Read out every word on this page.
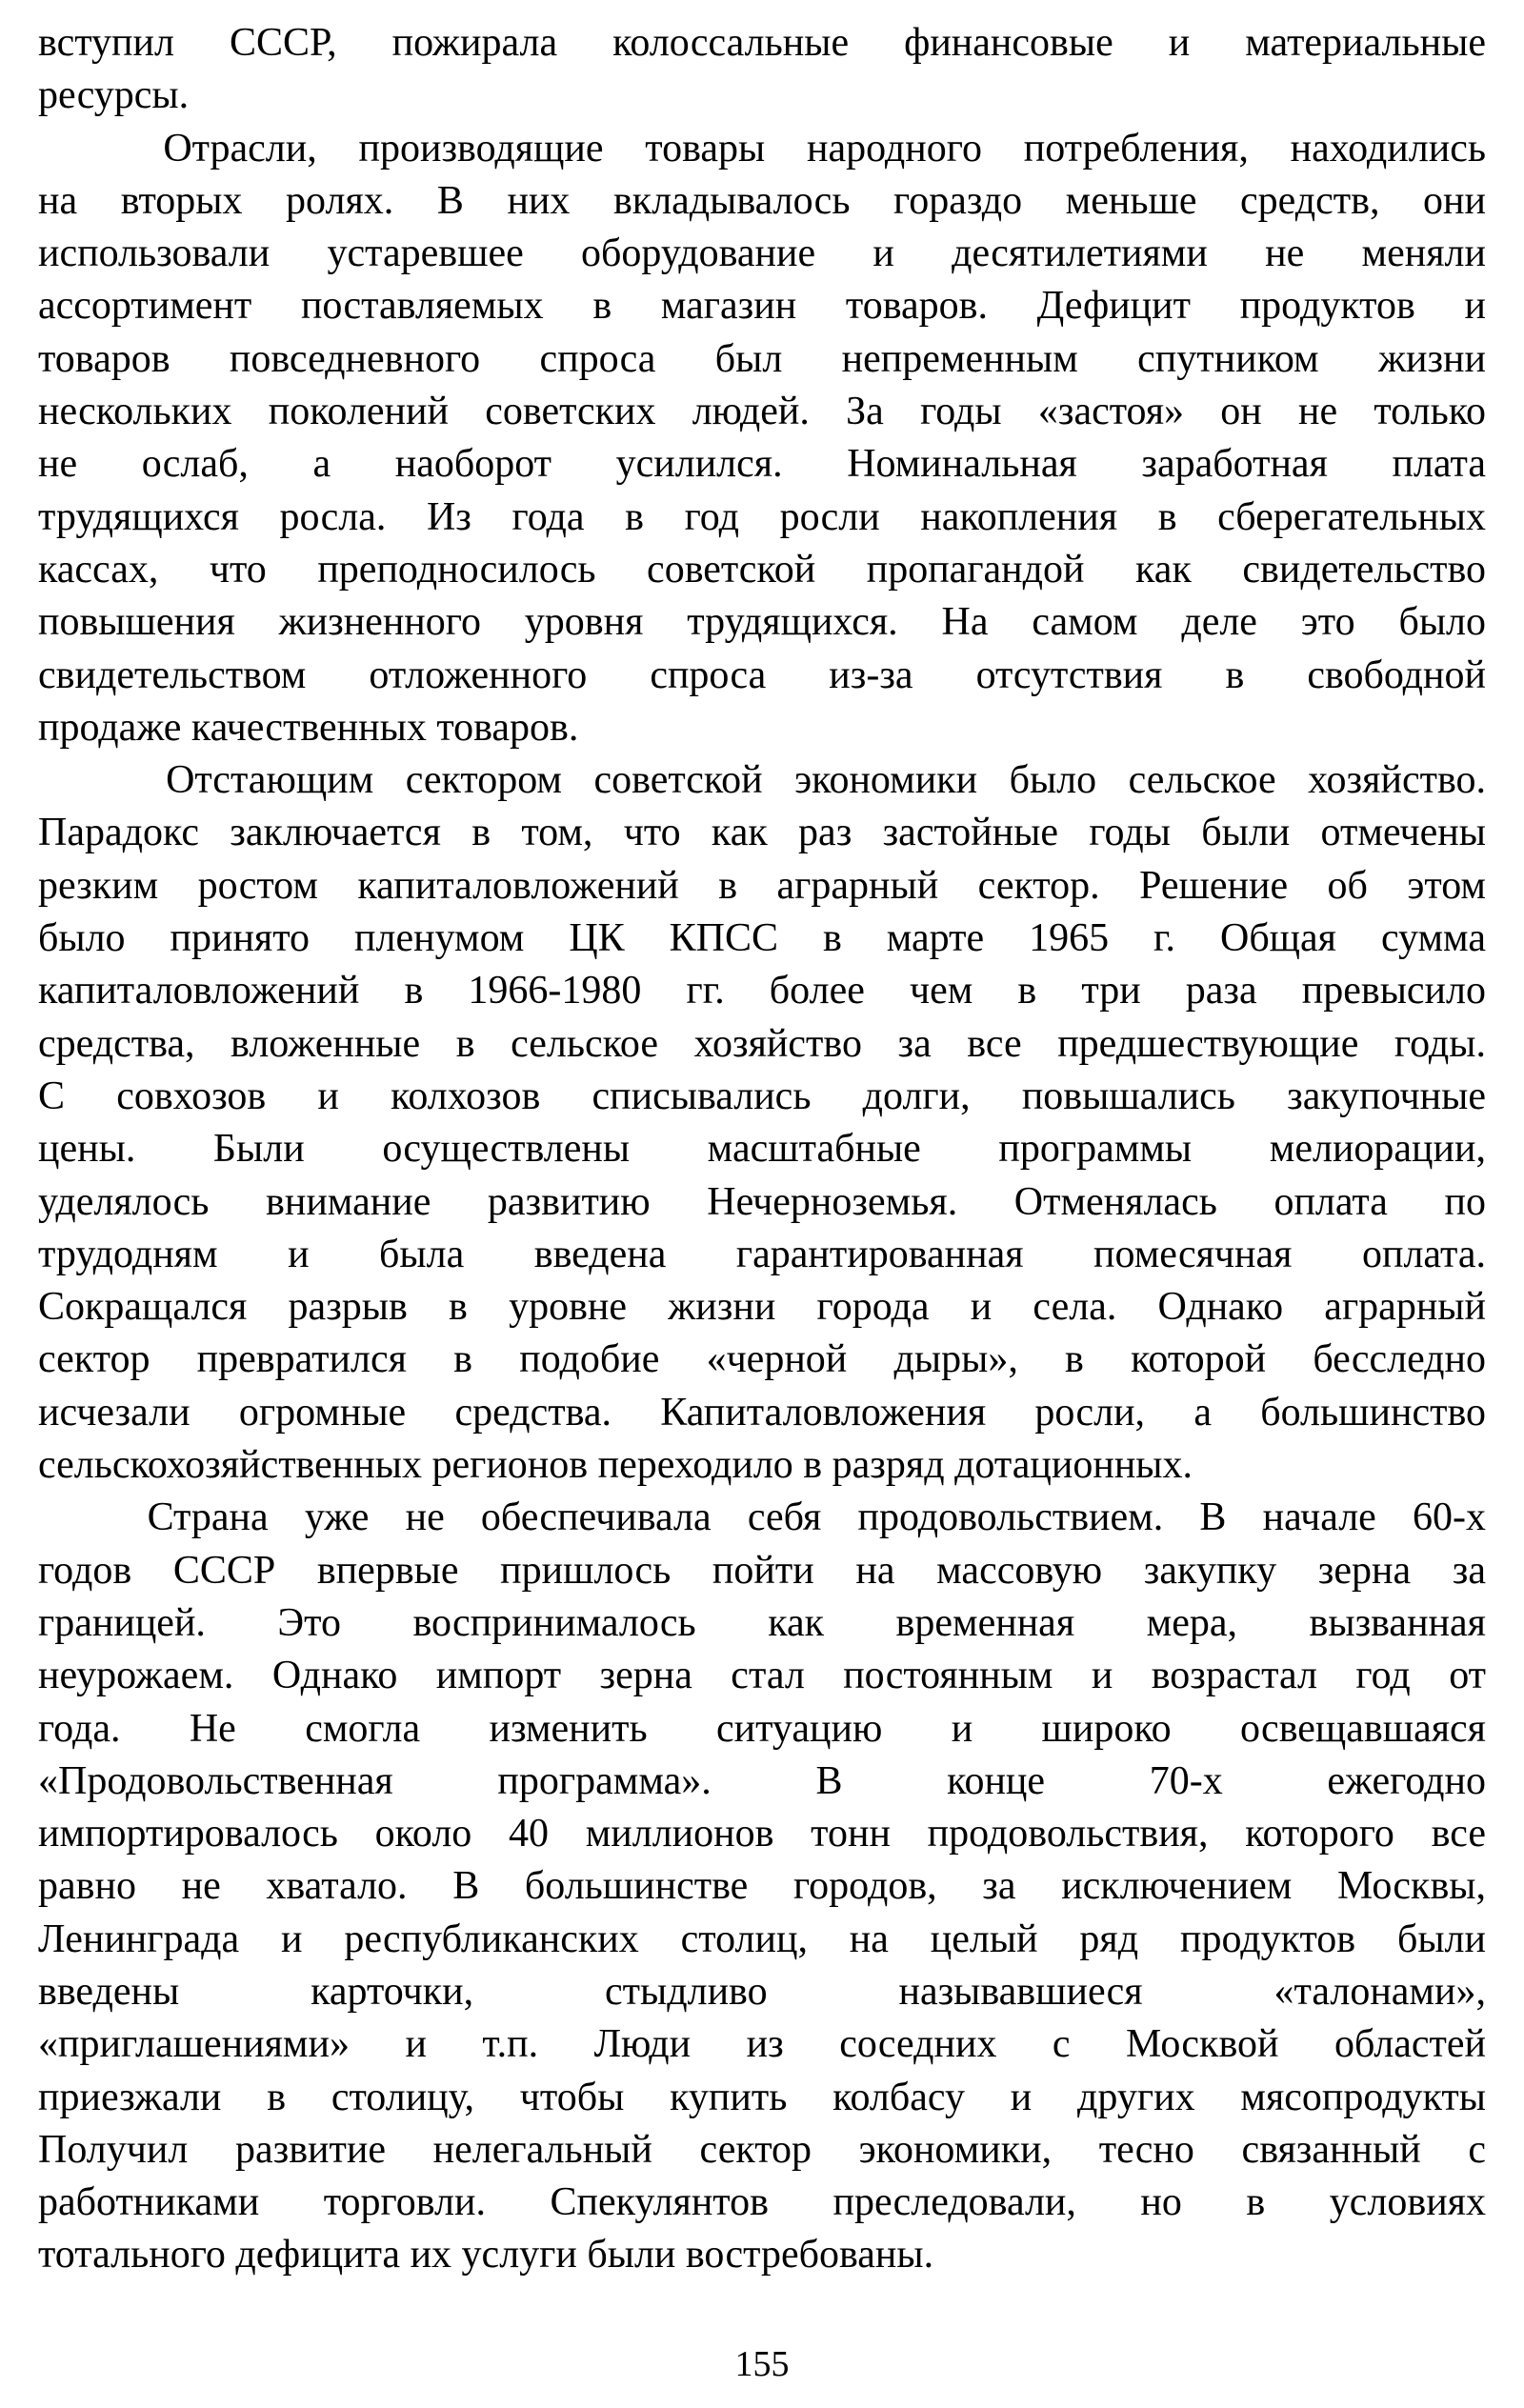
вступил СССР, пожирала колоссальные финансовые и материальные
ресурсы.
Отрасли, производящие товары народного потребления, находились
на вторых ролях. В них вкладывалось гораздо меньше средств, они
использовали устаревшее оборудование и десятилетиями не меняли
ассортимент поставляемых в магазин товаров. Дефицит продуктов и
товаров повседневного спроса был непременным спутником жизни
нескольких поколений советских людей. За годы «застоя» он не только
не ослаб, а наоборот усилился. Номинальная заработная плата
трудящихся росла. Из года в год росли накопления в сберегательных
кассах, что преподносилось советской пропагандой как свидетельство
повышения жизненного уровня трудящихся. На самом деле это было
свидетельством отложенного спроса из-за отсутствия в свободной
продаже качественных товаров.
Отстающим сектором советской экономики было сельское хозяйство.
Парадокс заключается в том, что как раз застойные годы были отмечены
резким ростом капиталовложений в аграрный сектор. Решение об этом
было принято пленумом ЦК КПСС в марте 1965 г. Общая сумма
капиталовложений в 1966-1980 гг. более чем в три раза превысило
средства, вложенные в сельское хозяйство за все предшествующие годы.
С совхозов и колхозов списывались долги, повышались закупочные
цены. Были осуществлены масштабные программы мелиорации,
уделялось внимание развитию Нечерноземья. Отменялась оплата по
трудодням и была введена гарантированная помесячная оплата.
Сокращался разрыв в уровне жизни города и села. Однако аграрный
сектор превратился в подобие «черной дыры», в которой бесследно
исчезали огромные средства. Капиталовложения росли, а большинство
сельскохозяйственных регионов переходило в разряд дотационных.
Страна уже не обеспечивала себя продовольствием. В начале 60-х
годов СССР впервые пришлось пойти на массовую закупку зерна за
границей. Это воспринималось как временная мера, вызванная
неурожаем. Однако импорт зерна стал постоянным и возрастал год от
года. Не смогла изменить ситуацию и широко освещавшаяся
«Продовольственная программа». В конце 70-х ежегодно
импортировалось около 40 миллионов тонн продовольствия, которого все
равно не хватало. В большинстве городов, за исключением Москвы,
Ленинграда и республиканских столиц, на целый ряд продуктов были
введены карточки, стыдливо называвшиеся «талонами»,
«приглашениями» и т.п. Люди из соседних с Москвой областей
приезжали в столицу, чтобы купить колбасу и других мясопродукты
Получил развитие нелегальный сектор экономики, тесно связанный с
работниками торговли. Спекулянтов преследовали, но в условиях
тотального дефицита их услуги были востребованы.
155
